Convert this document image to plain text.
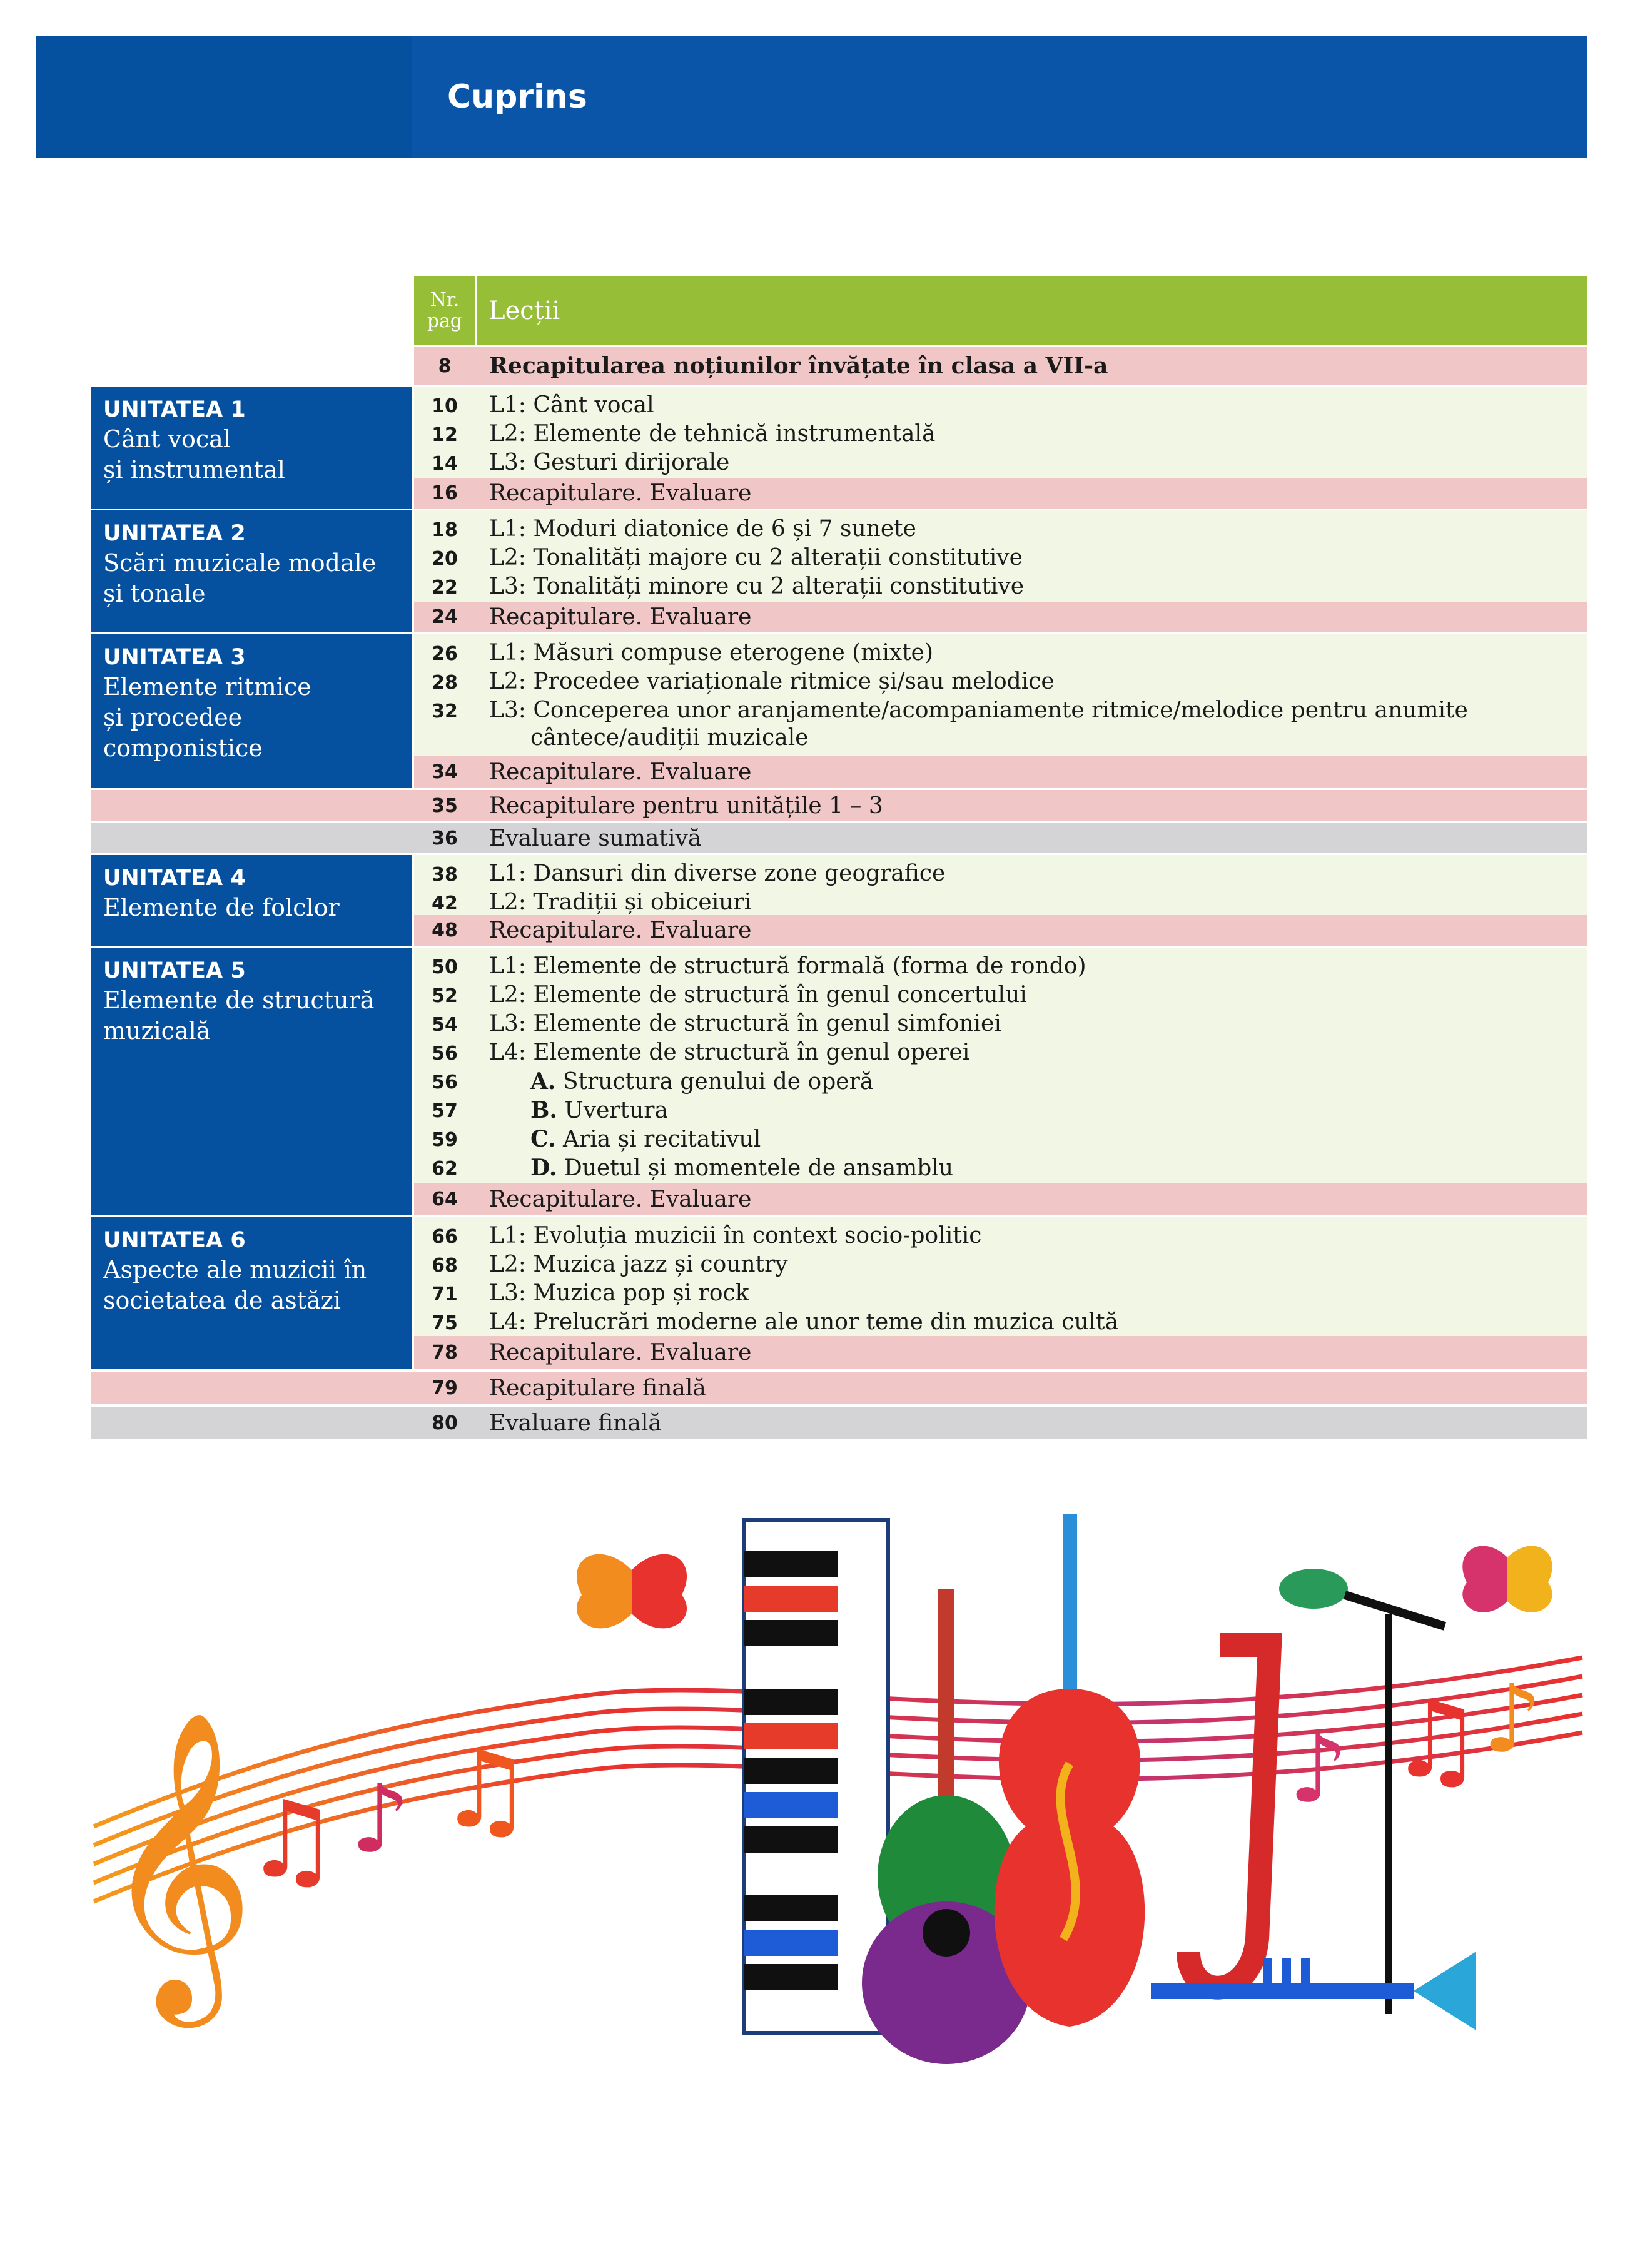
Cuprins
Nr.
pag	Lecții
8	Recapitularea noțiunilor învățate în clasa a VII-a
UNITATEA 1
Cânt vocal
și instrumental
10	L1: Cânt vocal
12	L2: Elemente de tehnică instrumentală
14	L3: Gesturi dirijorale
16	Recapitulare. Evaluare
UNITATEA 2
Scări muzicale modale
și tonale
18	L1: Moduri diatonice de 6 și 7 sunete
20	L2: Tonalități majore cu 2 alterații constitutive
22	L3: Tonalități minore cu 2 alterații constitutive
24	Recapitulare. Evaluare
UNITATEA 3
Elemente ritmice
și procedee
componistice
26	L1: Măsuri compuse eterogene (mixte)
28	L2: Procedee variaționale ritmice și/sau melodice
32	L3: Conceperea unor aranjamente/acompaniamente ritmice/melodice pentru anumite
cântece/audiții muzicale
34	Recapitulare. Evaluare
35	Recapitulare pentru unitățile 1 – 3
36	Evaluare sumativă
UNITATEA 4
Elemente de folclor
38	L1: Dansuri din diverse zone geografice
42	L2: Tradiții și obiceiuri
48	Recapitulare. Evaluare
UNITATEA 5
Elemente de structură
muzicală
50	L1: Elemente de structură formală (forma de rondo)
52	L2: Elemente de structură în genul concertului
54	L3: Elemente de structură în genul simfoniei
56	L4: Elemente de structură în genul operei
56	A. Structura genului de operă
57	B. Uvertura
59	C. Aria și recitativul
62	D. Duetul și momentele de ansamblu
64	Recapitulare. Evaluare
UNITATEA 6
Aspecte ale muzicii în
societatea de astăzi
66	L1: Evoluția muzicii în context socio-politic
68	L2: Muzica jazz și country
71	L3: Muzica pop și rock
75	L4: Prelucrări moderne ale unor teme din muzica cultă
78	Recapitulare. Evaluare
79	Recapitulare finală
80	Evaluare finală
𝄞
♫ ♪ ♫	♪ ♫
♪
